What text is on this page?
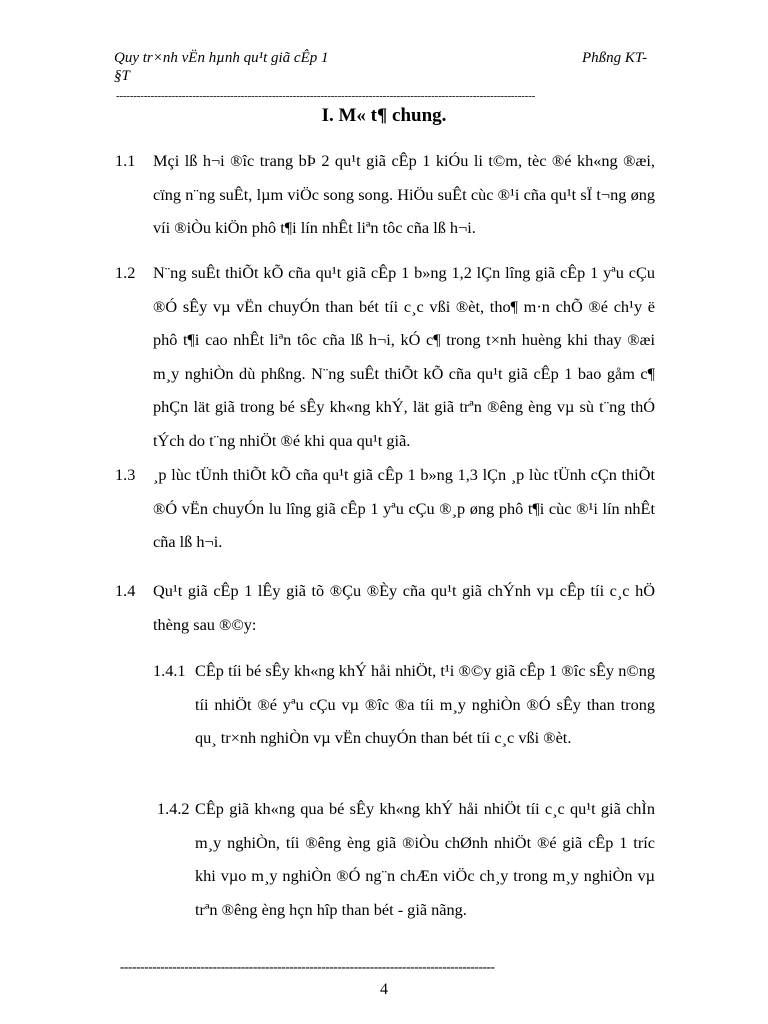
Quy tr×nh vËn hµnh qu¹t giã cÊp 1
§T
Phßng KT-
-------------------------------------------------------------------------------------------------------------------------
I. M« t¶ chung.
1.1 Mçi lß h¬i ®îc trang bÞ 2 qu¹t giã cÊp 1 kiÓu li t©m, tèc ®é kh«ng ®æi, cïng n¨ng suÊt, lµm viÖc song song. HiÖu suÊt cùc ®¹i cña qu¹t sÏ t¬ng øng víi ®iÒu kiÖn phô t¶i lín nhÊt liªn tôc cña lß h¬i.
1.2 N¨ng suÊt thiÕt kÕ cña qu¹t giã cÊp 1 b»ng 1,2 lÇn lîng giã cÊp 1 yªu cÇu ®Ó sÊy vµ vËn chuyÓn than bét tíi c¸c vßi ®èt, tho¶ m·n chÕ ®é ch¹y ë phô t¶i cao nhÊt liªn tôc cña lß h¬i, kÓ c¶ trong t×nh huèng khi thay ®æi m¸y nghiÒn dù phßng. N¨ng suÊt thiÕt kÕ cña qu¹t giã cÊp 1 bao gåm c¶ phÇn lät giã trong bé sÊy kh«ng khÝ, lät giã trªn ®êng èng vµ sù t¨ng thÓ tÝch do t¨ng nhiÖt ®é khi qua qu¹t giã.
1.3 ¸p lùc tÜnh thiÕt kÕ cña qu¹t giã cÊp 1 b»ng 1,3 lÇn ¸p lùc tÜnh cÇn thiÕt ®Ó vËn chuyÓn lu lîng giã cÊp 1 yªu cÇu ®¸p øng phô t¶i cùc ®¹i lín nhÊt cña lß h¬i.
1.4 Qu¹t giã cÊp 1 lÊy giã tõ ®Çu ®Èy cña qu¹t giã chÝnh vµ cÊp tíi c¸c hÖ thèng sau ®©y:
1.4.1 CÊp tíi bé sÊy kh«ng khÝ håi nhiÖt, t¹i ®©y giã cÊp 1 ®îc sÊy n©ng tíi nhiÖt ®é yªu cÇu vµ ®îc ®a tíi m¸y nghiÒn ®Ó sÊy than trong qu¸ tr×nh nghiÒn vµ vËn chuyÓn than bét tíi c¸c vßi ®èt.
1.4.2 CÊp giã kh«ng qua bé sÊy kh«ng khÝ håi nhiÖt tíi c¸c qu¹t giã chÌn m¸y nghiÒn, tíi ®êng èng giã ®iÒu chØnh nhiÖt ®é giã cÊp 1 tríc khi vµo m¸y nghiÒn ®Ó ng¨n chÆn viÖc ch¸y trong m¸y nghiÒn vµ trªn ®êng èng hçn hîp than bét - giã nãng.
---------------------------------------------------------------------------------------------
4
